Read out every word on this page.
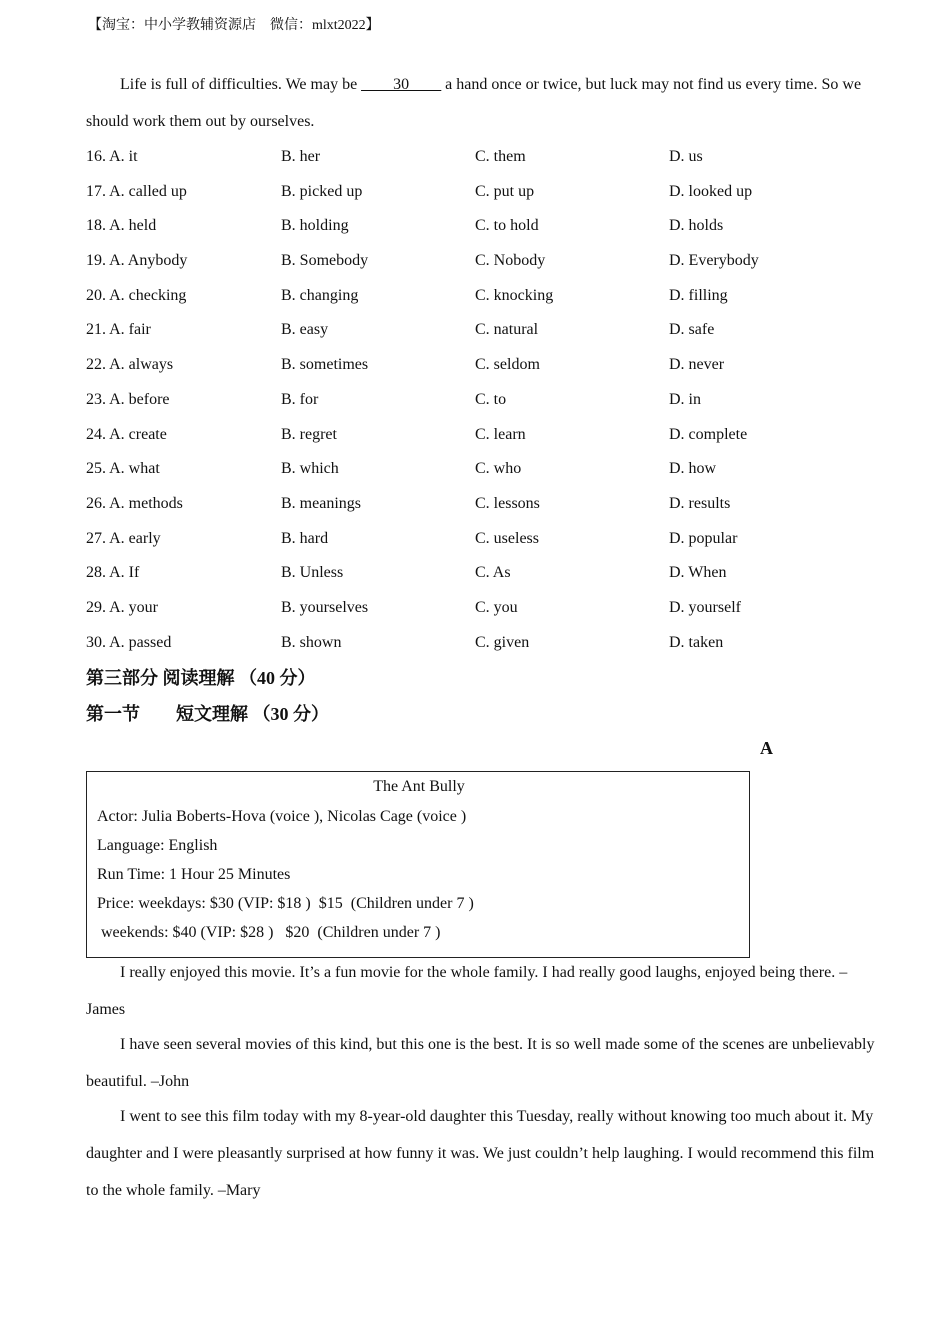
【淘宝：中小学教辅资源店　微信：mlxt2022】
Life is full of difficulties. We may be ____30____ a hand once or twice, but luck may not find us every time. So we should work them out by ourselves.
16. A. it	B. her	C. them	D. us
17. A. called up	B. picked up	C. put up	D. looked up
18. A. held	B. holding	C. to hold	D. holds
19. A. Anybody	B. Somebody	C. Nobody	D. Everybody
20. A. checking	B. changing	C. knocking	D. filling
21. A. fair	B. easy	C. natural	D. safe
22. A. always	B. sometimes	C. seldom	D. never
23. A. before	B. for	C. to	D. in
24. A. create	B. regret	C. learn	D. complete
25. A. what	B. which	C. who	D. how
26. A. methods	B. meanings	C. lessons	D. results
27. A. early	B. hard	C. useless	D. popular
28. A. If	B. Unless	C. As	D. When
29. A. your	B. yourselves	C. you	D. yourself
30. A. passed	B. shown	C. given	D. taken
第三部分 阅读理解 （40 分）
第一节　　短文理解 （30 分）
A
The Ant Bully
Actor: Julia Boberts-Hova (voice ), Nicolas Cage (voice )
Language: English
Run Time: 1 Hour 25 Minutes
Price: weekdays: $30 (VIP: $18 )  $15  (Children under 7 )
weekends: $40 (VIP: $28 )   $20  (Children under 7 )
I really enjoyed this movie. It’s a fun movie for the whole family. I had really good laughs, enjoyed being there. –James
I have seen several movies of this kind, but this one is the best. It is so well made some of the scenes are unbelievably beautiful. –John
I went to see this film today with my 8-year-old daughter this Tuesday, really without knowing too much about it. My daughter and I were pleasantly surprised at how funny it was. We just couldn’t help laughing. I would recommend this film to the whole family. –Mary
